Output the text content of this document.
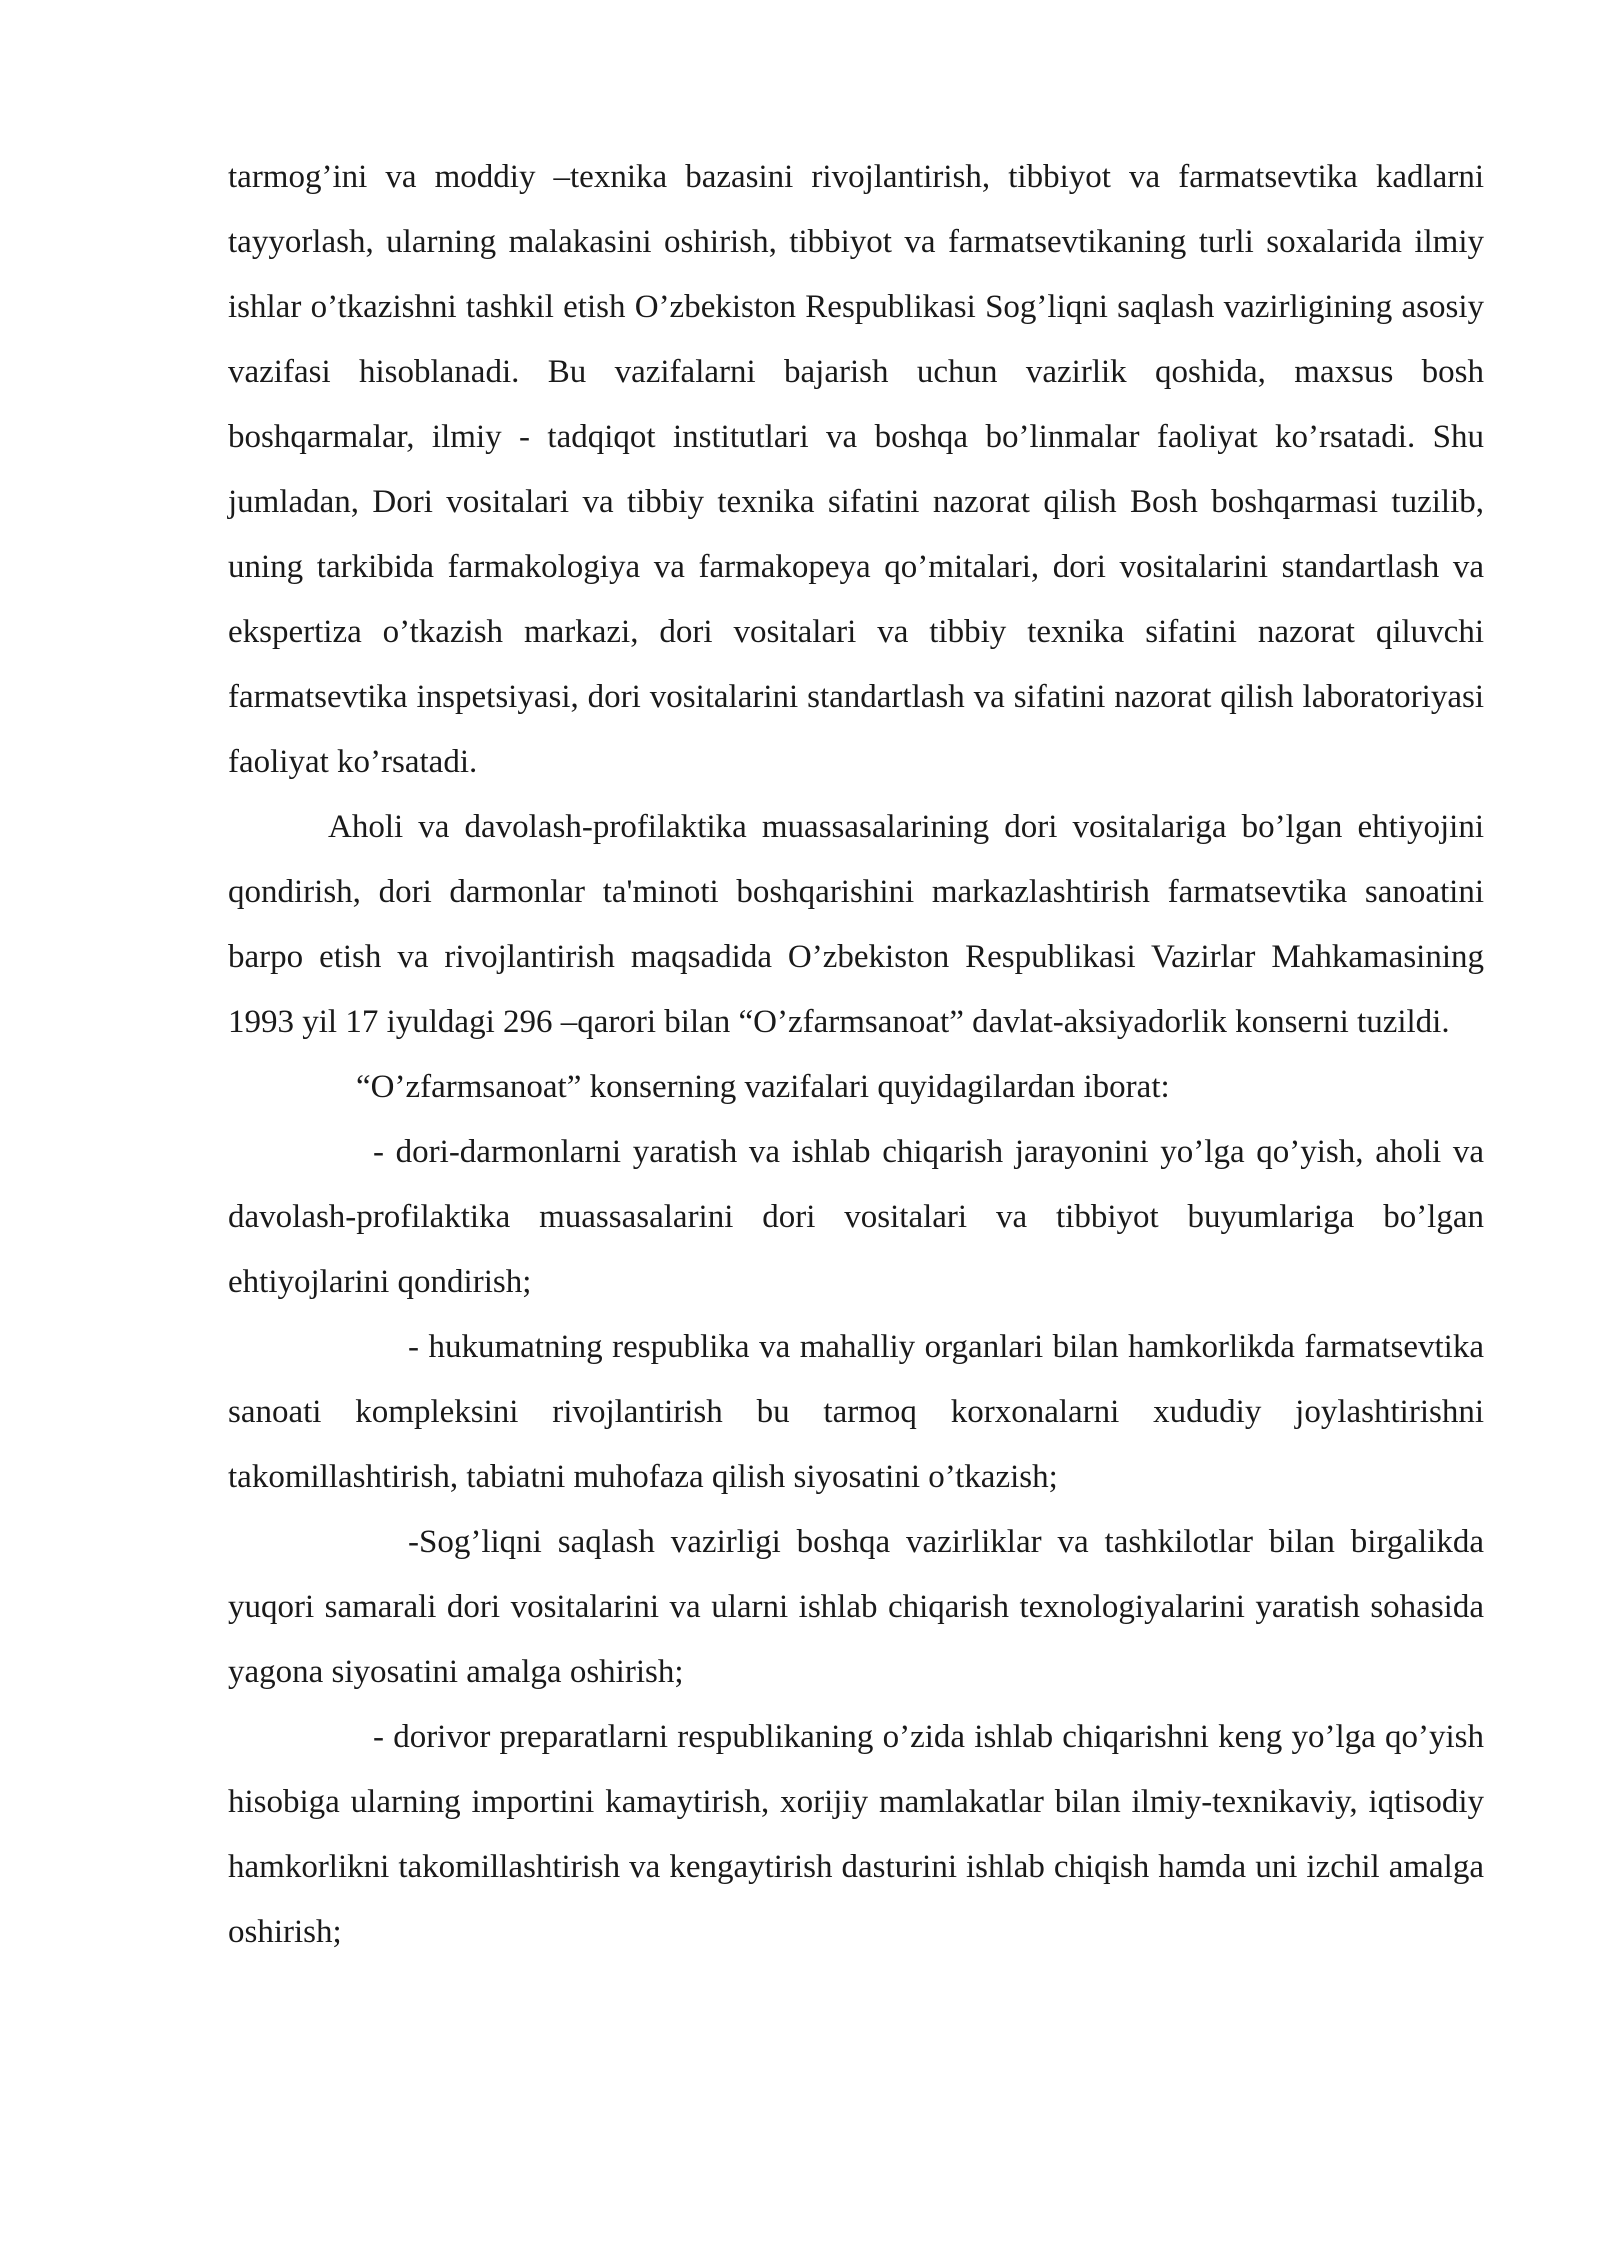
tarmog’ini va moddiy –texnika bazasini rivojlantirish, tibbiyot va farmatsevtika kadlarni tayyorlash, ularning malakasini oshirish, tibbiyot va farmatsevtikaning turli soxalarida ilmiy ishlar o’tkazishni tashkil etish O’zbekiston Respublikasi Sog’liqni saqlash vazirligining asosiy vazifasi hisoblanadi. Bu vazifalarni bajarish uchun vazirlik qoshida, maxsus bosh boshqarmalar, ilmiy - tadqiqot institutlari va boshqa bo’linmalar faoliyat ko’rsatadi. Shu jumladan, Dori vositalari va tibbiy texnika sifatini nazorat qilish Bosh boshqarmasi tuzilib, uning tarkibida farmakologiya va farmakopeya qo’mitalari, dori vositalarini standartlash va ekspertiza o’tkazish markazi, dori vositalari va tibbiy texnika sifatini nazorat qiluvchi farmatsevtika inspetsiyasi, dori vositalarini standartlash va sifatini nazorat qilish laboratoriyasi faoliyat ko’rsatadi.

Aholi va davolash-profilaktika muassasalarining dori vositalariga bo’lgan ehtiyojini qondirish, dori darmonlar ta'minoti boshqarishini markazlashtirish farmatsevtika sanoatini barpo etish va rivojlantirish maqsadida O’zbekiston Respublikasi Vazirlar Mahkamasining 1993 yil 17 iyuldagi 296 –qarori bilan “O’zfarmsanoat” davlat-aksiyadorlik konserni tuzildi.

“O’zfarmsanoat” konserning vazifalari quyidagilardan iborat:

- dori-darmonlarni yaratish va ishlab chiqarish jarayonini yo’lga qo’yish, aholi va davolash-profilaktika muassasalarini dori vositalari va tibbiyot buyumlariga bo’lgan ehtiyojlarini qondirish;

- hukumatning respublika va mahalliy organlari bilan hamkorlikda farmatsevtika sanoati kompleksini rivojlantirish bu tarmoq korxonalarni xududiy joylashtirishni takomillashtirish, tabiatni muhofaza qilish siyosatini o’tkazish;

-Sog’liqni saqlash vazirligi boshqa vazirliklar va tashkilotlar bilan birgalikda yuqori samarali dori vositalarini va ularni ishlab chiqarish texnologiyalarini yaratish sohasida yagona siyosatini amalga oshirish;

- dorivor preparatlarni respublikaning o’zida ishlab chiqarishni keng yo’lga qo’yish hisobiga ularning importini kamaytirish, xorijiy mamlakatlar bilan ilmiy-texnikaviy, iqtisodiy hamkorlikni takomillashtirish va kengaytirish dasturini ishlab chiqish hamda uni izchil amalga oshirish;
